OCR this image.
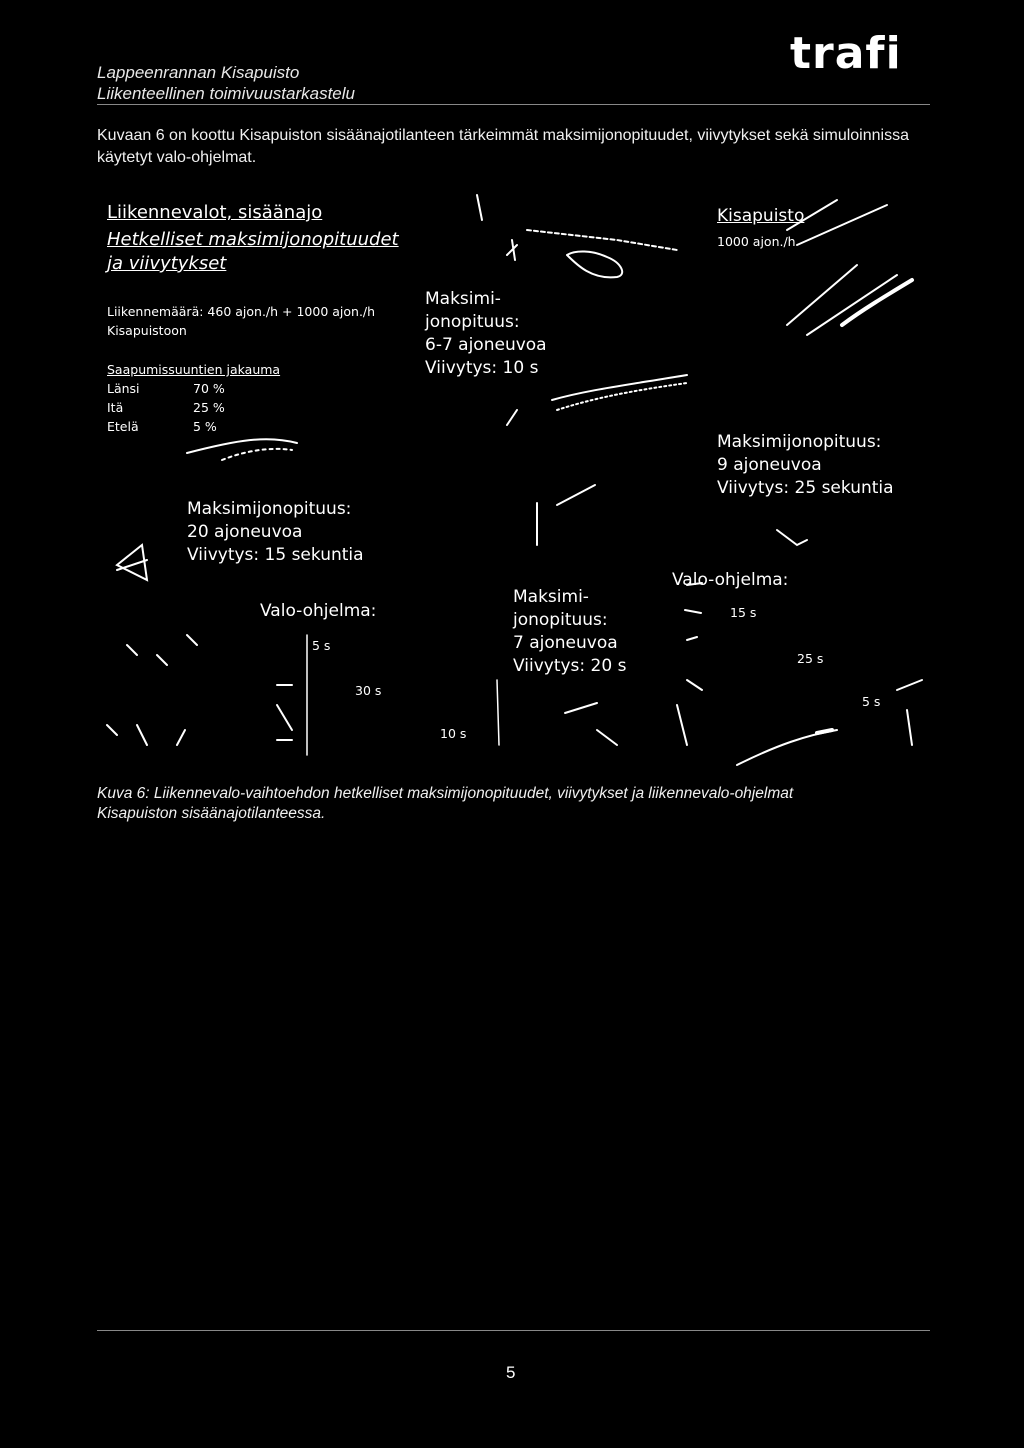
Lappeenrannan Kisapuisto
Liikenteellinen toimivuustarkastelu
trafi
Kuvaan 6 on koottu Kisapuiston sisäänajotilanteen tärkeimmät maksimijonopituudet, viivytykset sekä simuloinnissa käytetyt valo-ohjelmat.
Liikennevalot, sisäänajo
Hetkelliset maksimijonopituudet
ja viivytykset
Liikennemäärä: 460 ajon./h + 1000 ajon./h
Kisapuistoon
Saapumissuuntien jakauma
Länsi	70 %
Itä	25 %
Etelä	5 %
Kisapuisto
1000 ajon./h
Maksimijonopituus:
20 ajoneuvoa
Viivytys: 15 sekuntia
Maksimi-
jonopituus:
6-7 ajoneuvoa
Viivytys: 10 s
Maksimijonopituus:
9 ajoneuvoa
Viivytys: 25 sekuntia
Maksimi-
jonopituus:
7 ajoneuvoa
Viivytys: 20 s
Valo-ohjelma:
5 s
30 s
10 s
Valo-ohjelma:
15 s
25 s
5 s
Kuva 6: Liikennevalo-vaihtoehdon hetkelliset maksimijonopituudet, viivytykset ja liikennevalo-ohjelmat
Kisapuiston sisäänajotilanteessa.
5
